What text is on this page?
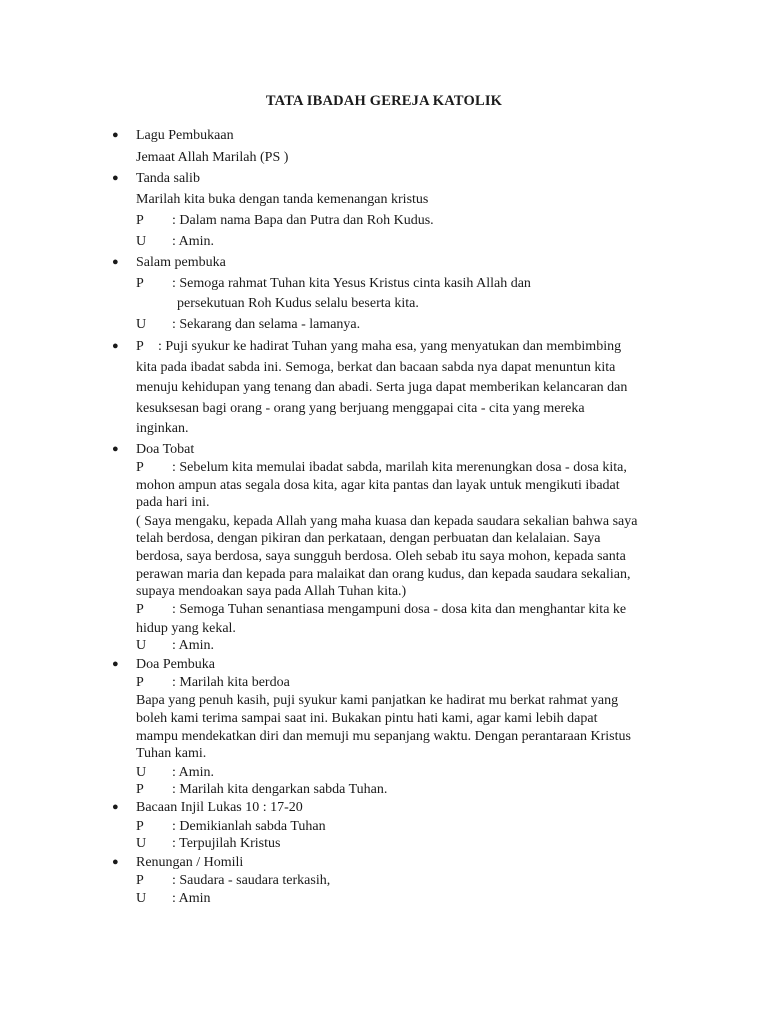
TATA IBADAH GEREJA KATOLIK
● Lagu Pembukaan
Jemaat Allah Marilah (PS )
● Tanda salib
Marilah kita buka dengan tanda kemenangan kristus
P : Dalam nama Bapa dan Putra dan Roh Kudus.
U : Amin.
● Salam pembuka
P : Semoga rahmat Tuhan kita Yesus Kristus cinta kasih Allah dan
persekutuan Roh Kudus selalu beserta kita.
U : Sekarang dan selama - lamanya.
● P : Puji syukur ke hadirat Tuhan yang maha esa, yang menyatukan dan membimbing
kita pada ibadat sabda ini. Semoga, berkat dan bacaan sabda nya dapat menuntun kita
menuju kehidupan yang tenang dan abadi. Serta juga dapat memberikan kelancaran dan
kesuksesan bagi orang - orang yang berjuang menggapai cita - cita yang mereka
inginkan.
● Doa Tobat
P : Sebelum kita memulai ibadat sabda, marilah kita merenungkan dosa - dosa kita,
mohon ampun atas segala dosa kita, agar kita pantas dan layak untuk mengikuti ibadat
pada hari ini.
( Saya mengaku, kepada Allah yang maha kuasa dan kepada saudara sekalian bahwa saya
telah berdosa, dengan pikiran dan perkataan, dengan perbuatan dan kelalaian. Saya
berdosa, saya berdosa, saya sungguh berdosa. Oleh sebab itu saya mohon, kepada santa
perawan maria dan kepada para malaikat dan orang kudus, dan kepada saudara sekalian,
supaya mendoakan saya pada Allah Tuhan kita.)
P : Semoga Tuhan senantiasa mengampuni dosa - dosa kita dan menghantar kita ke
hidup yang kekal.
U : Amin.
● Doa Pembuka
P : Marilah kita berdoa
Bapa yang penuh kasih, puji syukur kami panjatkan ke hadirat mu berkat rahmat yang
boleh kami terima sampai saat ini. Bukakan pintu hati kami, agar kami lebih dapat
mampu mendekatkan diri dan memuji mu sepanjang waktu. Dengan perantaraan Kristus
Tuhan kami.
U : Amin.
P : Marilah kita dengarkan sabda Tuhan.
● Bacaan Injil Lukas 10 : 17-20
P : Demikianlah sabda Tuhan
U : Terpujilah Kristus
● Renungan / Homili
P : Saudara - saudara terkasih,
U : Amin
